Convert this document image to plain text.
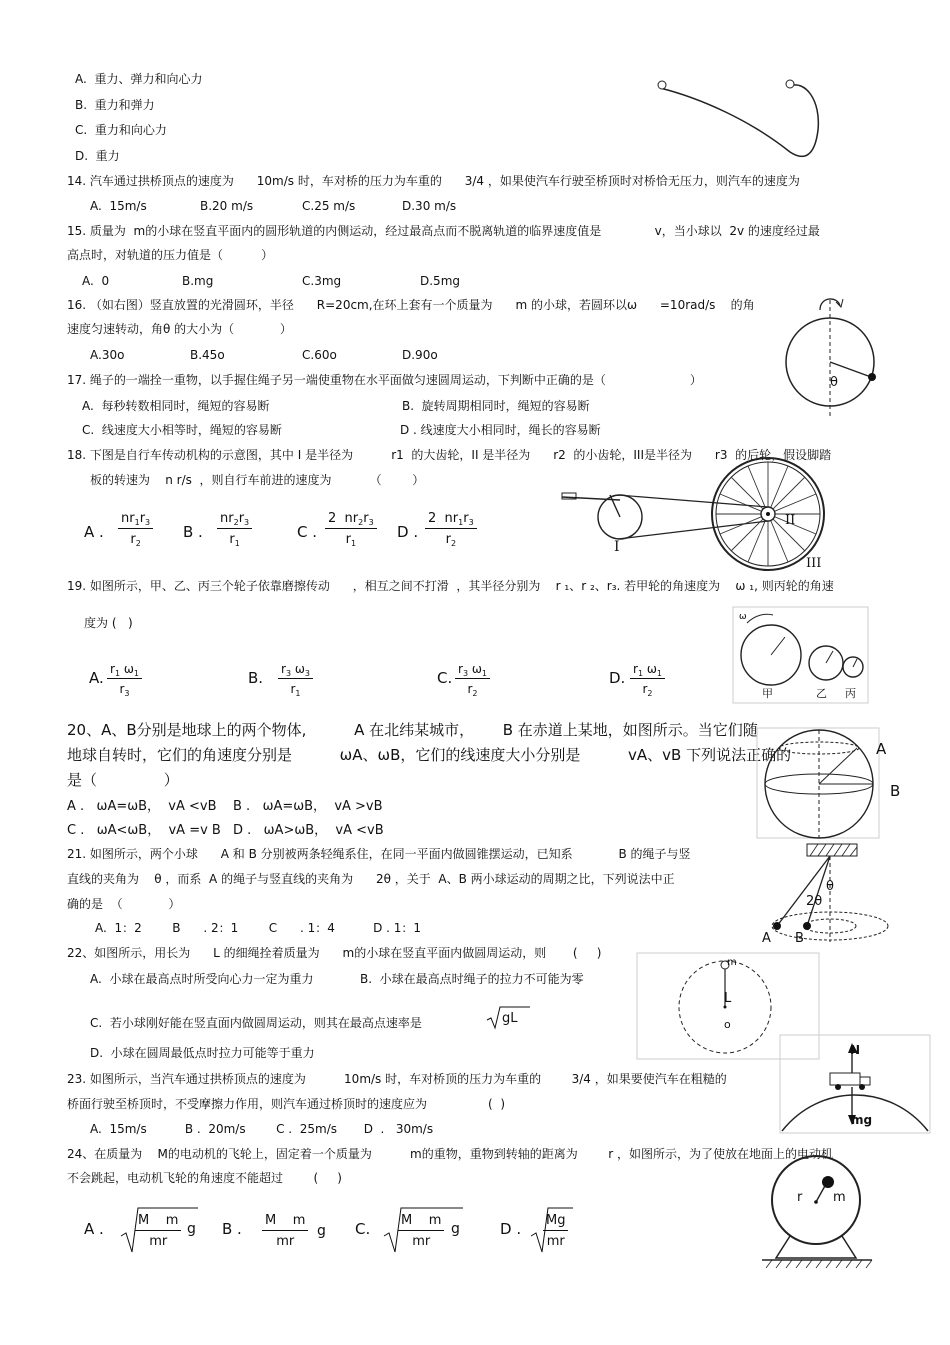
A.  重力、弹力和向心力
B.  重力和弹力
C.  重力和向心力
D.  重力
14. 汽车通过拱桥顶点的速度为      10m/s 时，车对桥的压力为车重的      3/4 ，如果使汽车行驶至桥顶时对桥恰无压力，则汽车的速度为
A.  15m/s	B.20 m/s	C.25 m/s	D.30 m/s
15. 质量为  m的小球在竖直平面内的圆形轨道的内侧运动，经过最高点而不脱离轨道的临界速度值是              v，当小球以  2v 的速度经过最
高点时，对轨道的压力值是（          ）
A.  0	B.mg	C.3mg	D.5mg
16. （如右图）竖直放置的光滑圆环，半径      R=20cm,在环上套有一个质量为      m 的小球，若圆环以ω      =10rad/s    的角
速度匀速转动，角θ 的大小为（            ）
A.30o	B.45o	C.60o	D.90o
θ
17. 绳子的一端拴一重物，以手握住绳子另一端使重物在水平面做匀速圆周运动，下判断中正确的是（                      ）
A.  每秒转数相同时，绳短的容易断	B.  旋转周期相同时，绳短的容易断
C.  线速度大小相等时，绳短的容易断	D . 线速度大小相同时，绳长的容易断
18. 下图是自行车传动机构的示意图，其中 I 是半径为          r1  的大齿轮，II 是半径为      r2  的小齿轮，III是半径为      r3  的后轮，假设脚踏
板的转速为    n r/s  ，则自行车前进的速度为          （        ）
A . $\frac{nr_1r_3}{r_2}$ B . $\frac{nr_2r_3}{r_1}$	C . $\frac{2 nr_2r_3}{r_1}$ D . $\frac{2 nr_1r_3}{r_2}$	I
II
III
19. 如图所示，甲、乙、丙三个轮子依靠磨擦传动      ，相互之间不打滑  ，其半径分别为    r ₁、r ₂、r₃. 若甲轮的角速度为    ω ₁, 则丙轮的角速
度为 (   )
A. $\frac{r_1 \omega_1}{r_3}$	B. $\frac{r_3 \omega_3}{r_1}$	C. $\frac{r_3 \omega_1}{r_2}$	D. $\frac{r_1 \omega_1}{r_2}$
ω
甲	乙 丙
20、A、B分别是地球上的两个物体,          A 在北纬某城市，      B 在赤道上某地，如图所示。当它们随
地球自转时，它们的角速度分别是          ωA、ωB，它们的线速度大小分别是          vA、vB 下列说法正确的
是（              ）
A .   ωA=ωB，  vA <vB B .   ωA=ωB，  vA >vB
C .   ωA<ωB，  vA =v B D .   ωA>ωB，  vA <vB
A
B
21. 如图所示，两个小球      A 和 B 分别被两条轻绳系住，在同一平面内做圆锥摆运动，已知系            B 的绳子与竖
直线的夹角为    θ ，而系  A 的绳子与竖直线的夹角为      2θ ，关于  A、B 两小球运动的周期之比，下列说法中正
确的是  （            ）
A.  1：2        B      . 2：1        C      . 1：4          D . 1：1
θ
2θ
A B
22、如图所示，用长为      L 的细绳拴着质量为      m的小球在竖直平面内做圆周运动，则       (     )
A.  小球在最高点时所受向心力一定为重力	B.  小球在最高点时绳子的拉力不可能为零
C.  若小球刚好能在竖直面内做圆周运动，则其在最高点速率是	gL
D.  小球在圆周最低点时拉力可能等于重力
m
L
o
23. 如图所示，当汽车通过拱桥顶点的速度为          10m/s 时，车对桥顶的压力为车重的        3/4 ，如果要使汽车在粗糙的
桥面行驶至桥顶时，不受摩擦力作用，则汽车通过桥顶时的速度应为                (  )
A.  15m/s          B .  20m/s        C .  25m/s       D  .   30m/s
N
mg
24、在质量为    M的电动机的飞轮上，固定着一个质量为          m的重物，重物到转轴的距离为        r ，如图所示，为了使放在地面上的电动机
不会跳起，电动机飞轮的角速度不能超过        (     )
A . $\frac{\text{M    m}}{mr}$ g B . $\frac{\text{M    m}}{mr}$ g C. $\frac{\text{M    m}}{mr}$ g	D . $\frac{Mg}{mr}$
r m
